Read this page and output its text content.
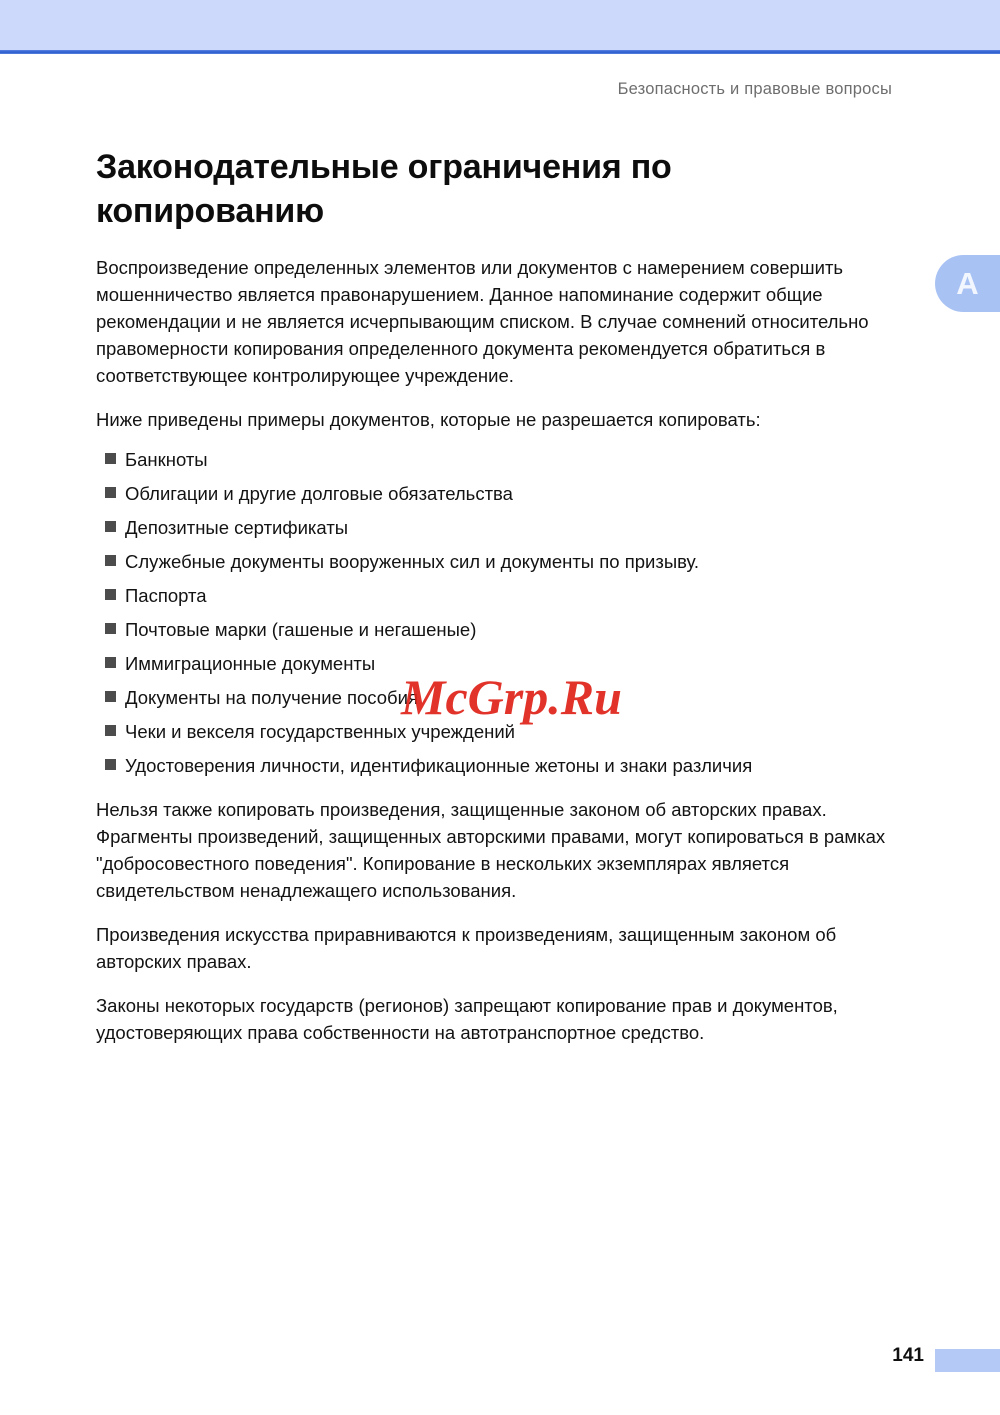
Безопасность и правовые вопросы
Законодательные ограничения по копированию

Воспроизведение определенных элементов или документов с намерением совершить мошенничество является правонарушением. Данное напоминание содержит общие рекомендации и не является исчерпывающим списком. В случае сомнений относительно правомерности копирования определенного документа рекомендуется обратиться в соответствующее контролирующее учреждение.

Ниже приведены примеры документов, которые не разрешается копировать:

Банкноты
Облигации и другие долговые обязательства
Депозитные сертификаты
Служебные документы вооруженных сил и документы по призыву.
Паспорта
Почтовые марки (гашеные и негашеные)
Иммиграционные документы
Документы на получение пособия
Чеки и векселя государственных учреждений
Удостоверения личности, идентификационные жетоны и знаки различия

Нельзя также копировать произведения, защищенные законом об авторских правах. Фрагменты произведений, защищенных авторскими правами, могут копироваться в рамках "добросовестного поведения". Копирование в нескольких экземплярах является свидетельством ненадлежащего использования.

Произведения искусства приравниваются к произведениям, защищенным законом об авторских правах.

Законы некоторых государств (регионов) запрещают копирование прав и документов, удостоверяющих права собственности на автотранспортное средство.

A
McGrp.Ru
141
